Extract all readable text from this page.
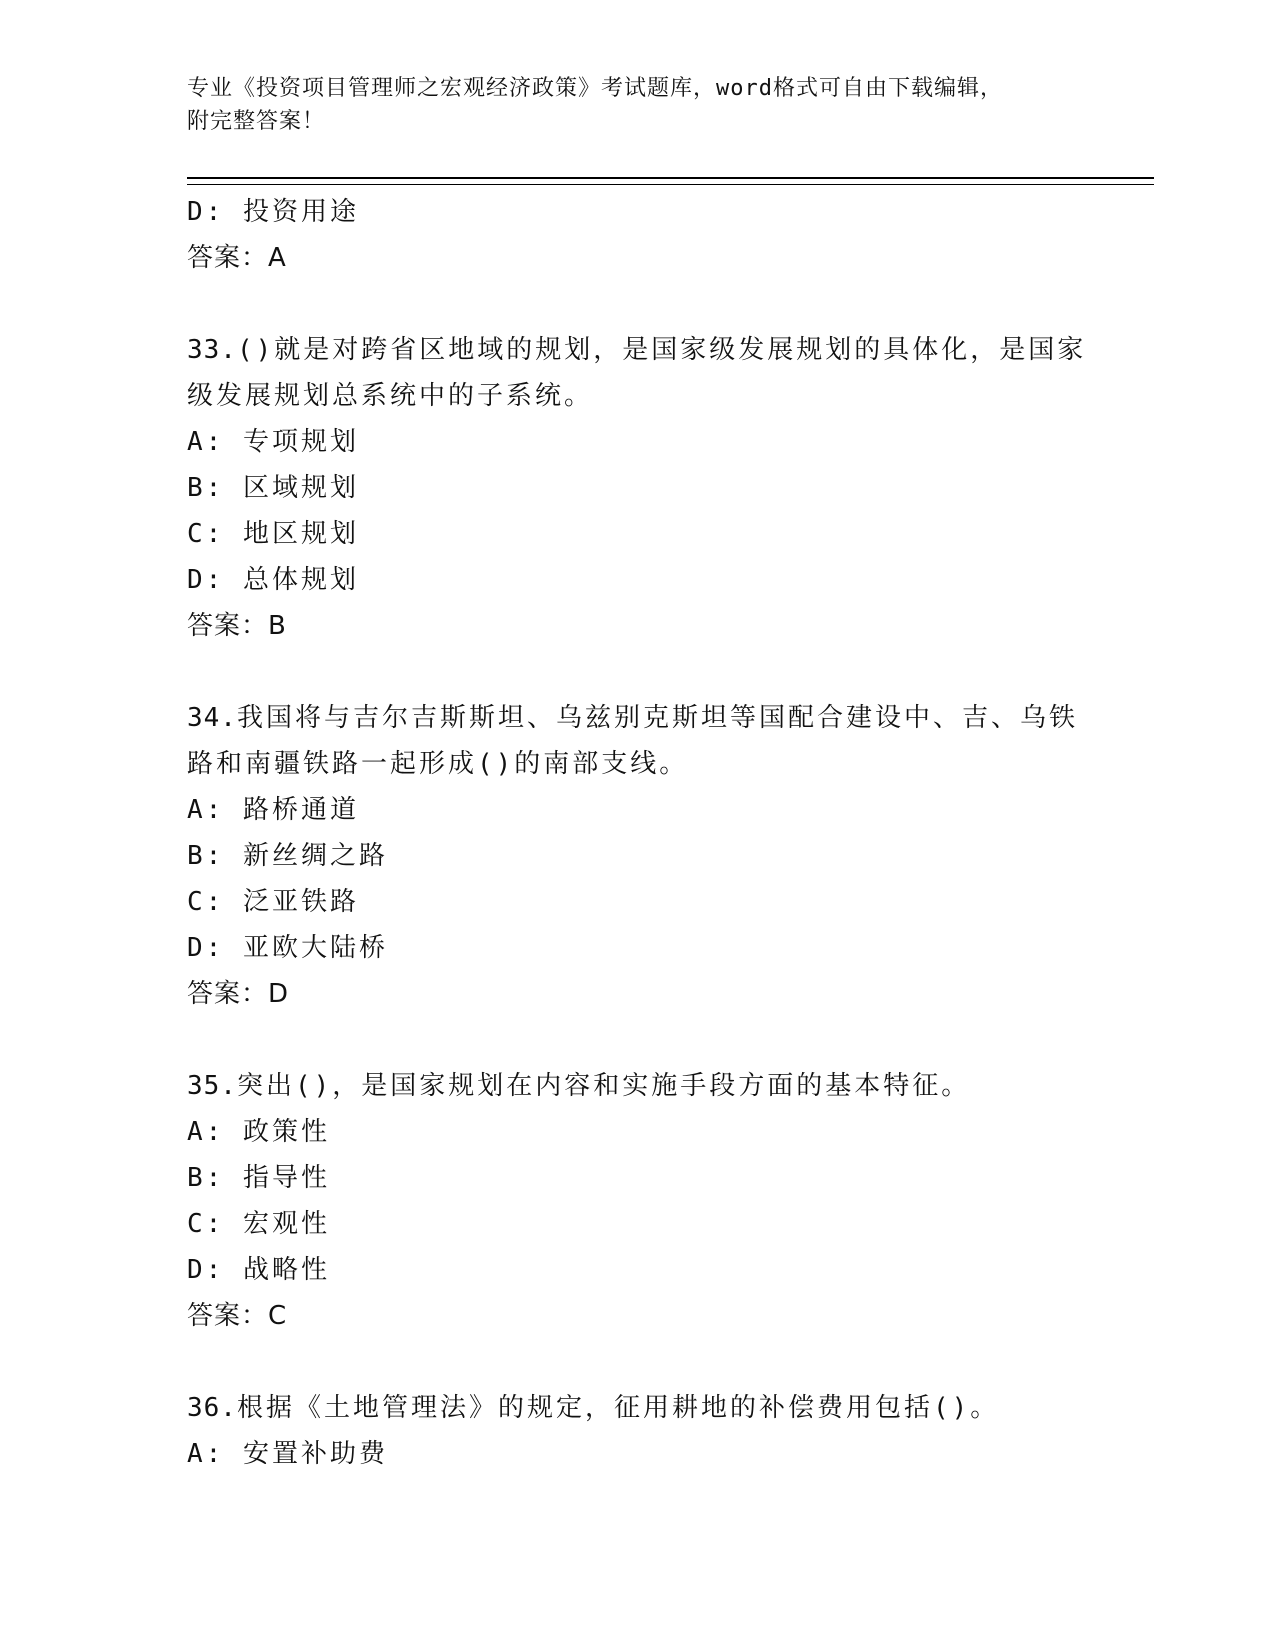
专业《投资项目管理师之宏观经济政策》考试题库，word格式可自由下载编辑，
附完整答案！
D: 投资用途
答案：A
33.()就是对跨省区地域的规划，是国家级发展规划的具体化，是国家
级发展规划总系统中的子系统。
A: 专项规划
B: 区域规划
C: 地区规划
D: 总体规划
答案：B
34.我国将与吉尔吉斯斯坦、乌兹别克斯坦等国配合建设中、吉、乌铁
路和南疆铁路一起形成()的南部支线。
A: 路桥通道
B: 新丝绸之路
C: 泛亚铁路
D: 亚欧大陆桥
答案：D
35.突出()，是国家规划在内容和实施手段方面的基本特征。
A: 政策性
B: 指导性
C: 宏观性
D: 战略性
答案：C
36.根据《土地管理法》的规定，征用耕地的补偿费用包括()。
A: 安置补助费
